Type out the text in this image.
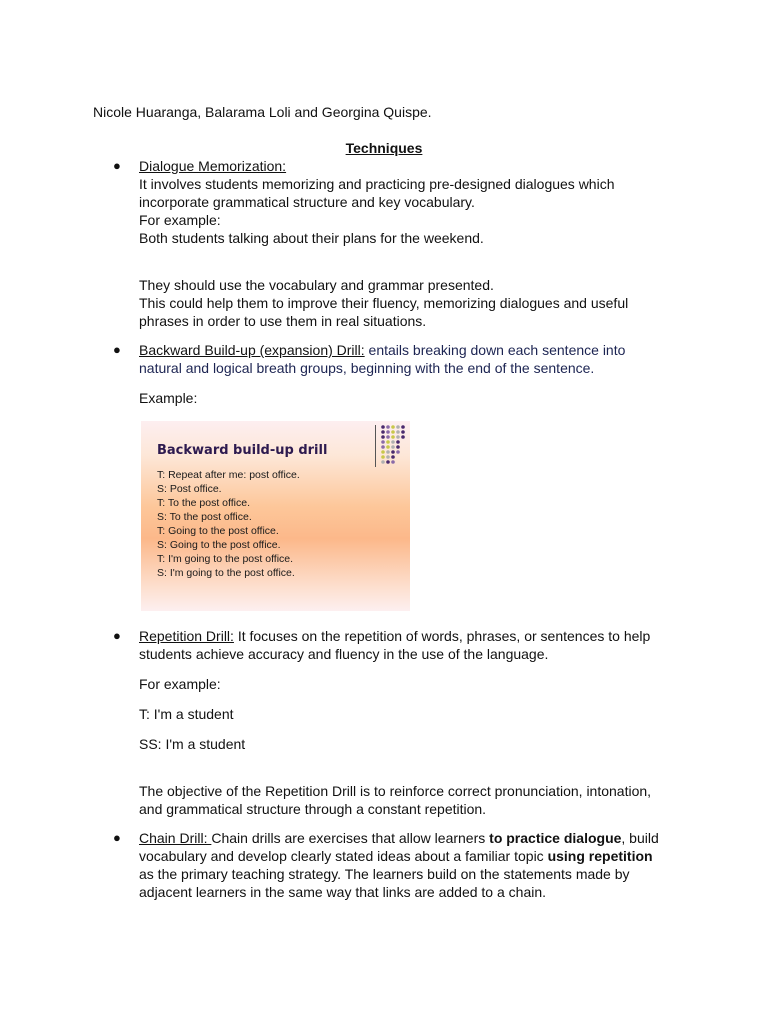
Nicole Huaranga, Balarama Loli and Georgina Quispe.
Techniques
● Dialogue Memorization:

It involves students memorizing and practicing pre-designed dialogues which incorporate grammatical structure and key vocabulary.

For example:

Both students talking about their plans for the weekend.

They should use the vocabulary and grammar presented.

This could help them to improve their fluency, memorizing dialogues and useful phrases in order to use them in real situations.

● Backward Build-up (expansion) Drill: entails breaking down each sentence into natural and logical breath groups, beginning with the end of the sentence.

Example:

Backward build-up drill
T: Repeat after me: post office.
S: Post office.
T: To the post office.
S: To the post office.
T: Going to the post office.
S: Going to the post office.
T: I'm going to the post office.
S: I'm going to the post office.
● Repetition Drill: It focuses on the repetition of words, phrases, or sentences to help students achieve accuracy and fluency in the use of the language.

For example:

T: I'm a student

SS: I'm a student

The objective of the Repetition Drill is to reinforce correct pronunciation, intonation, and grammatical structure through a constant repetition.

● Chain Drill: Chain drills are exercises that allow learners to practice dialogue, build vocabulary and develop clearly stated ideas about a familiar topic using repetition as the primary teaching strategy. The learners build on the statements made by adjacent learners in the same way that links are added to a chain.
